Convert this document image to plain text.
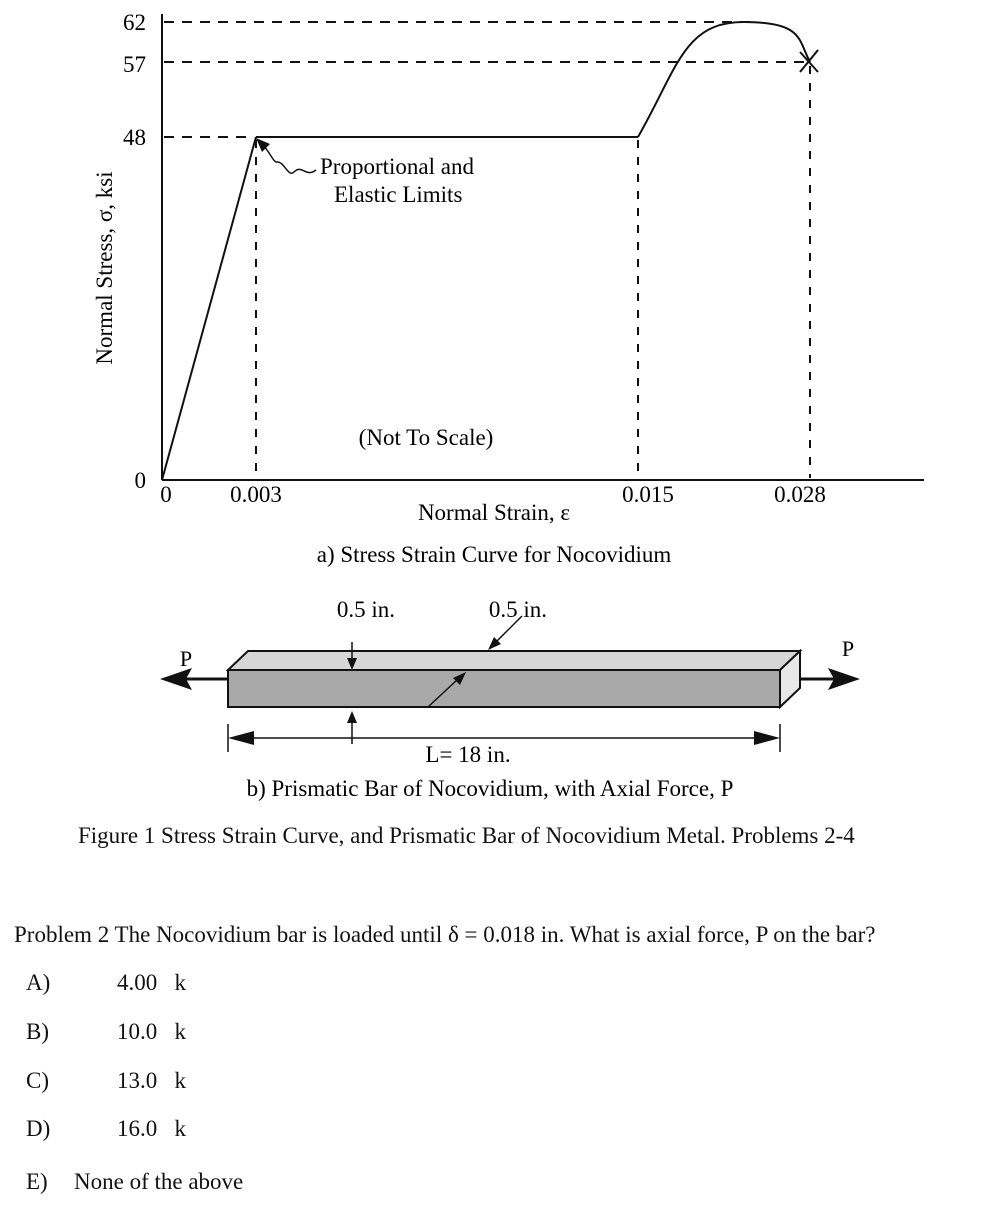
62
57
48
0
0	0.003	0.015	0.028
Normal Stress, σ, ksi
Normal Strain, ε
Proportional and
Elastic Limits
(Not To Scale)
a) Stress Strain Curve for Nocovidium
0.5 in.	0.5 in.
P	P
L= 18 in.
b) Prismatic Bar of Nocovidium, with Axial Force, P
Figure 1 Stress Strain Curve, and Prismatic Bar of Nocovidium Metal. Problems 2-4
Problem 2 The Nocovidium bar is loaded until δ = 0.018 in. What is axial force, P on the bar?
A)	4.00   k
B)	10.0   k
C)	13.0   k
D)	16.0   k
E) None of the above
